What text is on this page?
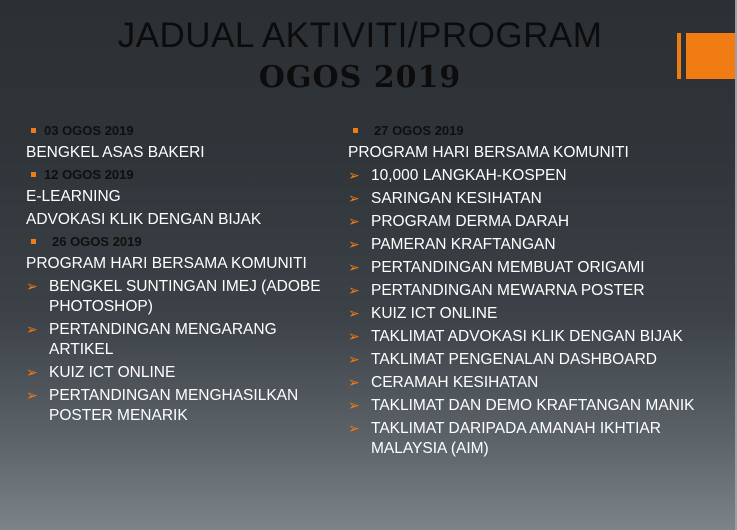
JADUAL AKTIVITI/PROGRAM
OGOS 2019
03 OGOS 2019
BENGKEL ASAS BAKERI
12 OGOS 2019
E-LEARNING
ADVOKASI KLIK DENGAN BIJAK
26 OGOS 2019
PROGRAM HARI BERSAMA KOMUNITI
➢ BENGKEL SUNTINGAN IMEJ (ADOBE PHOTOSHOP)
➢ PERTANDINGAN MENGARANG ARTIKEL
➢ KUIZ ICT ONLINE
➢ PERTANDINGAN MENGHASILKAN POSTER MENARIK
27 OGOS 2019
PROGRAM HARI BERSAMA KOMUNITI
➢ 10,000 LANGKAH-KOSPEN
➢ SARINGAN KESIHATAN
➢ PROGRAM DERMA DARAH
➢ PAMERAN KRAFTANGAN
➢ PERTANDINGAN MEMBUAT ORIGAMI
➢ PERTANDINGAN MEWARNA POSTER
➢ KUIZ ICT ONLINE
➢ TAKLIMAT ADVOKASI KLIK DENGAN BIJAK
➢ TAKLIMAT PENGENALAN DASHBOARD
➢ CERAMAH KESIHATAN
➢ TAKLIMAT DAN DEMO KRAFTANGAN MANIK
➢ TAKLIMAT DARIPADA AMANAH IKHTIAR MALAYSIA (AIM)
